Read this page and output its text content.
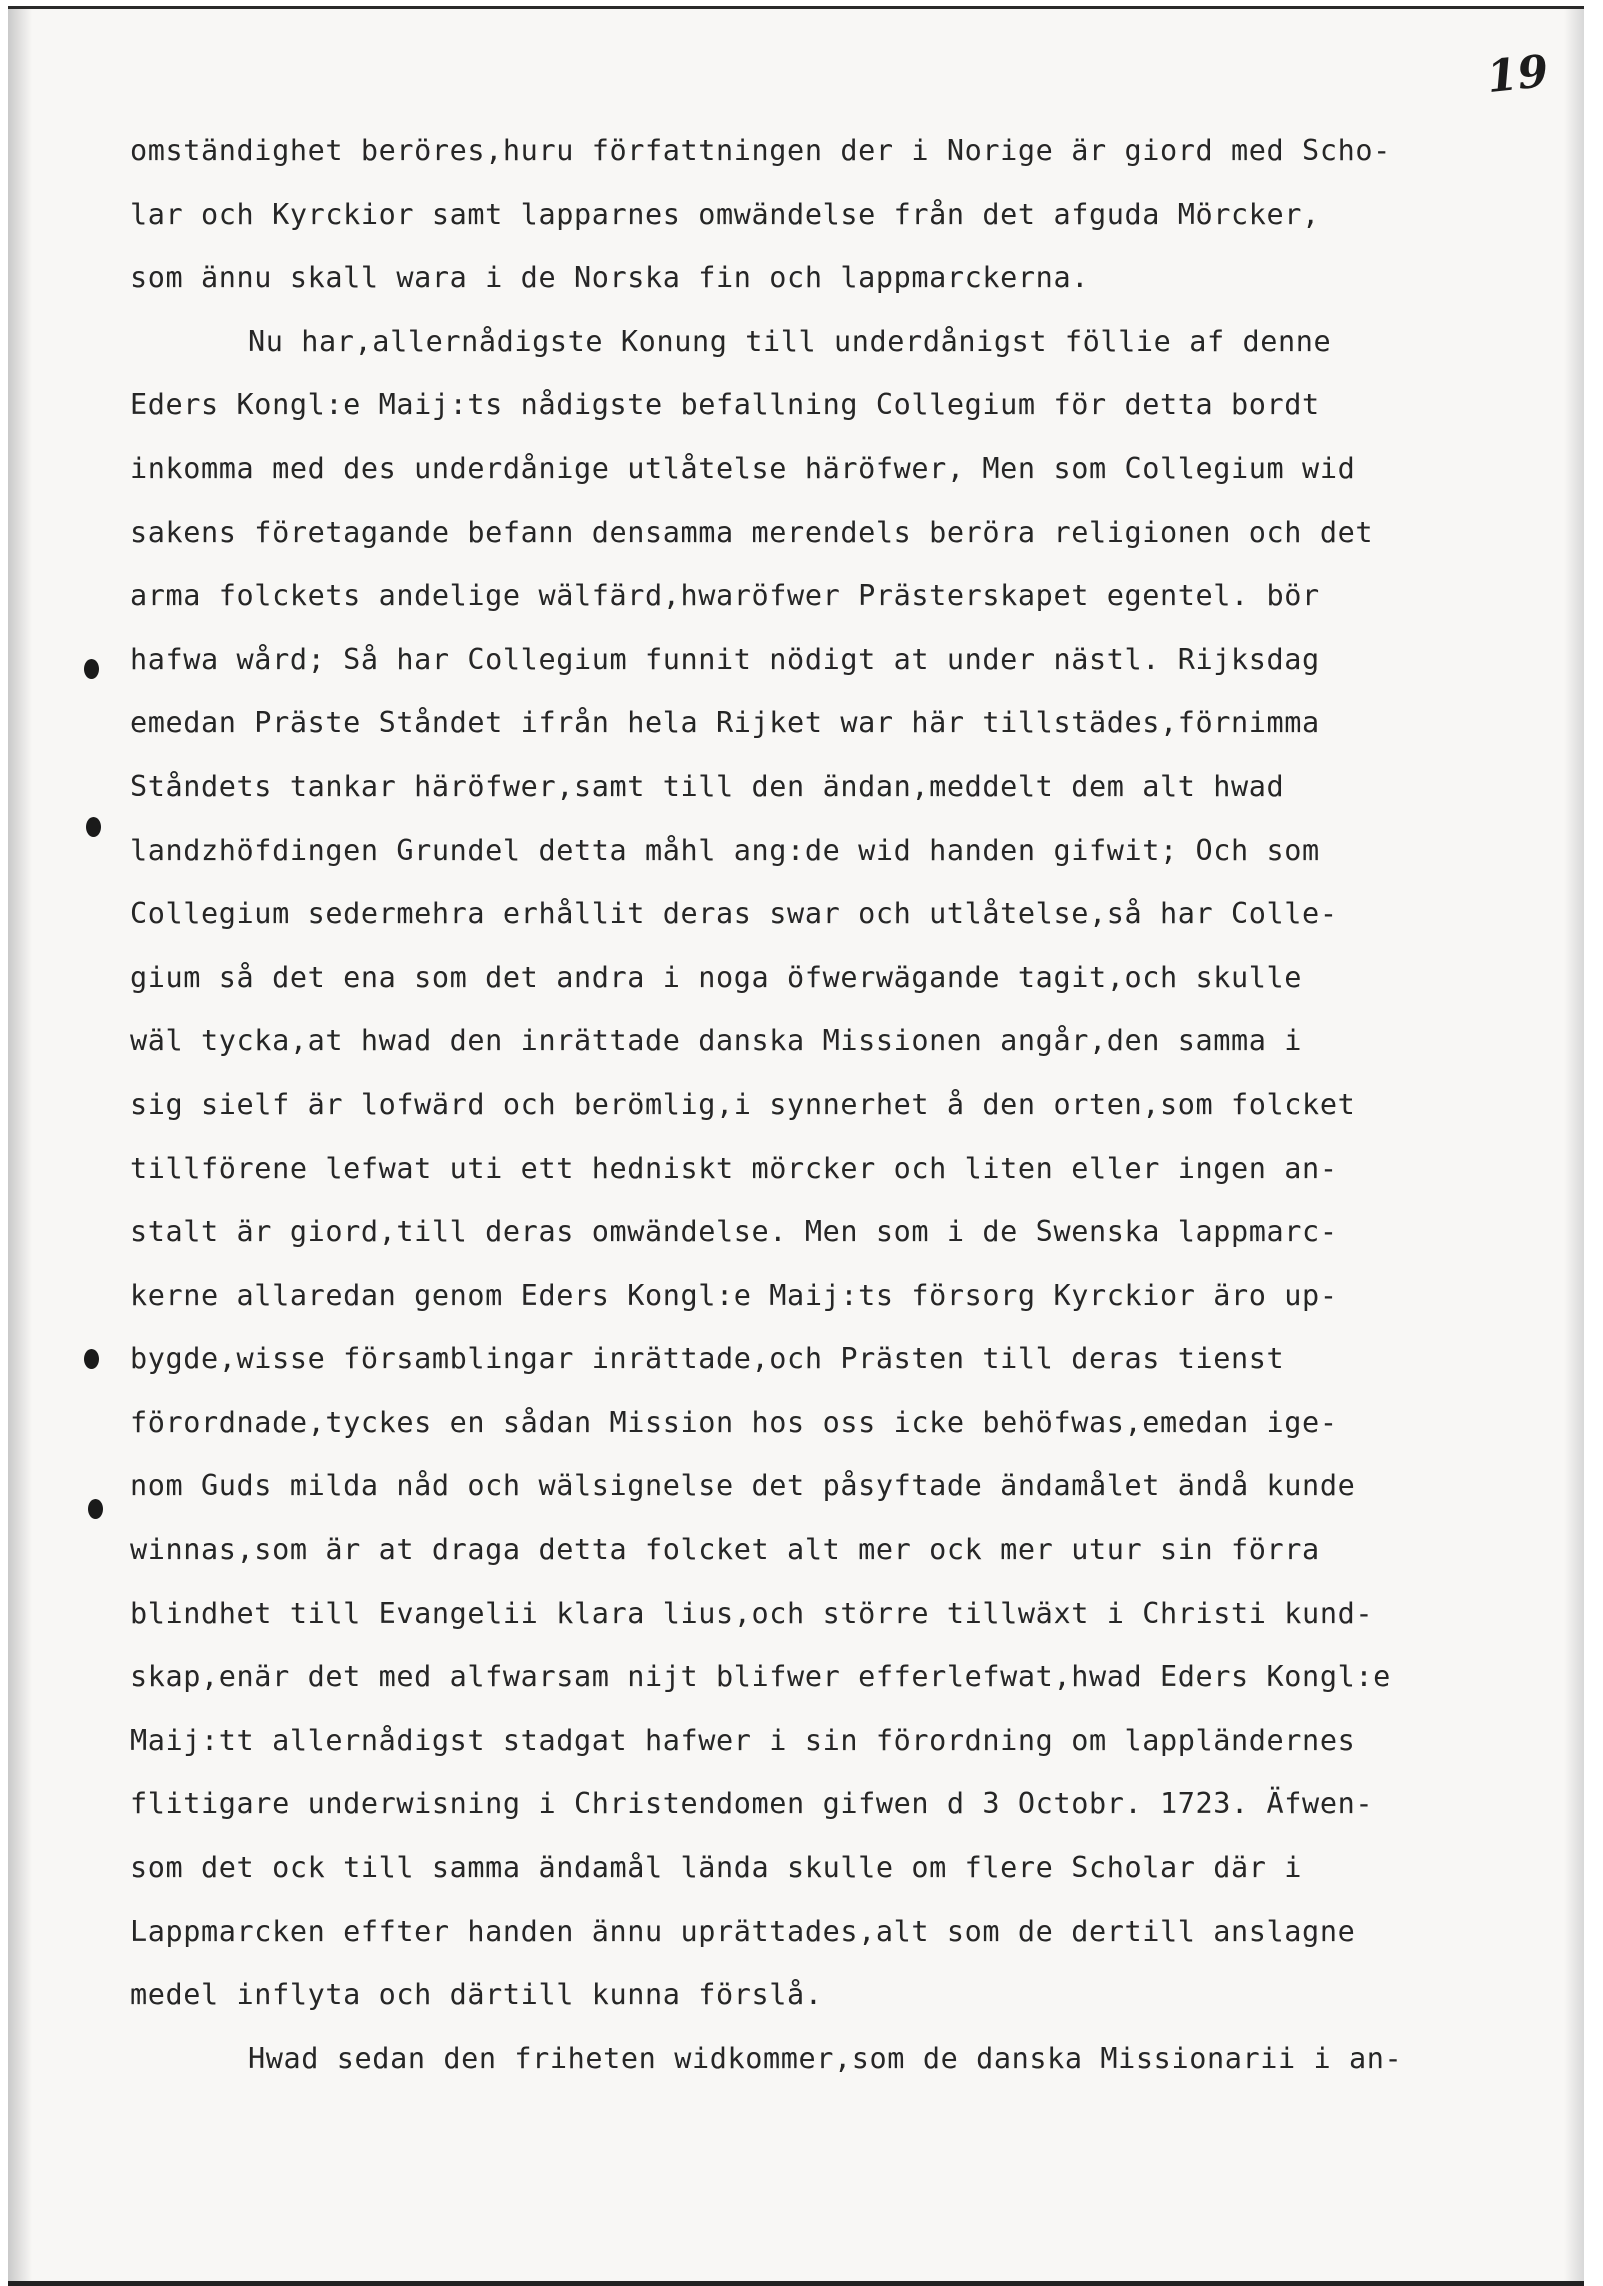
19
omständighet beröres,huru författningen der i Norige är giord med Scho-
lar och Kyrckior samt lapparnes omwändelse från det afguda Mörcker,
som ännu skall wara i de Norska fin och lappmarckerna.
Nu har,allernådigste Konung till underdånigst föllie af denne
Eders Kongl:e Maij:ts nådigste befallning Collegium för detta bordt
inkomma med des underdånige utlåtelse häröfwer, Men som Collegium wid
sakens företagande befann densamma merendels beröra religionen och det
arma folckets andelige wälfärd,hwaröfwer Prästerskapet egentel. bör
hafwa wård; Så har Collegium funnit nödigt at under nästl. Rijksdag
emedan Präste Ståndet ifrån hela Rijket war här tillstädes,förnimma
Ståndets tankar häröfwer,samt till den ändan,meddelt dem alt hwad
landzhöfdingen Grundel detta måhl ang:de wid handen gifwit; Och som
Collegium sedermehra erhållit deras swar och utlåtelse,så har Colle-
gium så det ena som det andra i noga öfwerwägande tagit,och skulle
wäl tycka,at hwad den inrättade danska Missionen angår,den samma i
sig sielf är lofwärd och berömlig,i synnerhet å den orten,som folcket
tillförene lefwat uti ett hedniskt mörcker och liten eller ingen an-
stalt är giord,till deras omwändelse. Men som i de Swenska lappmarc-
kerne allaredan genom Eders Kongl:e Maij:ts försorg Kyrckior äro up-
bygde,wisse församblingar inrättade,och Prästen till deras tienst
förordnade,tyckes en sådan Mission hos oss icke behöfwas,emedan ige-
nom Guds milda nåd och wälsignelse det påsyftade ändamålet ändå kunde
winnas,som är at draga detta folcket alt mer ock mer utur sin förra
blindhet till Evangelii klara lius,och större tillwäxt i Christi kund-
skap,enär det med alfwarsam nijt blifwer efferlefwat,hwad Eders Kongl:e
Maij:tt allernådigst stadgat hafwer i sin förordning om lappländernes
flitigare underwisning i Christendomen gifwen d 3 Octobr. 1723. Äfwen-
som det ock till samma ändamål lända skulle om flere Scholar där i
Lappmarcken effter handen ännu uprättades,alt som de dertill anslagne
medel inflyta och därtill kunna förslå.
Hwad sedan den friheten widkommer,som de danska Missionarii i an-
